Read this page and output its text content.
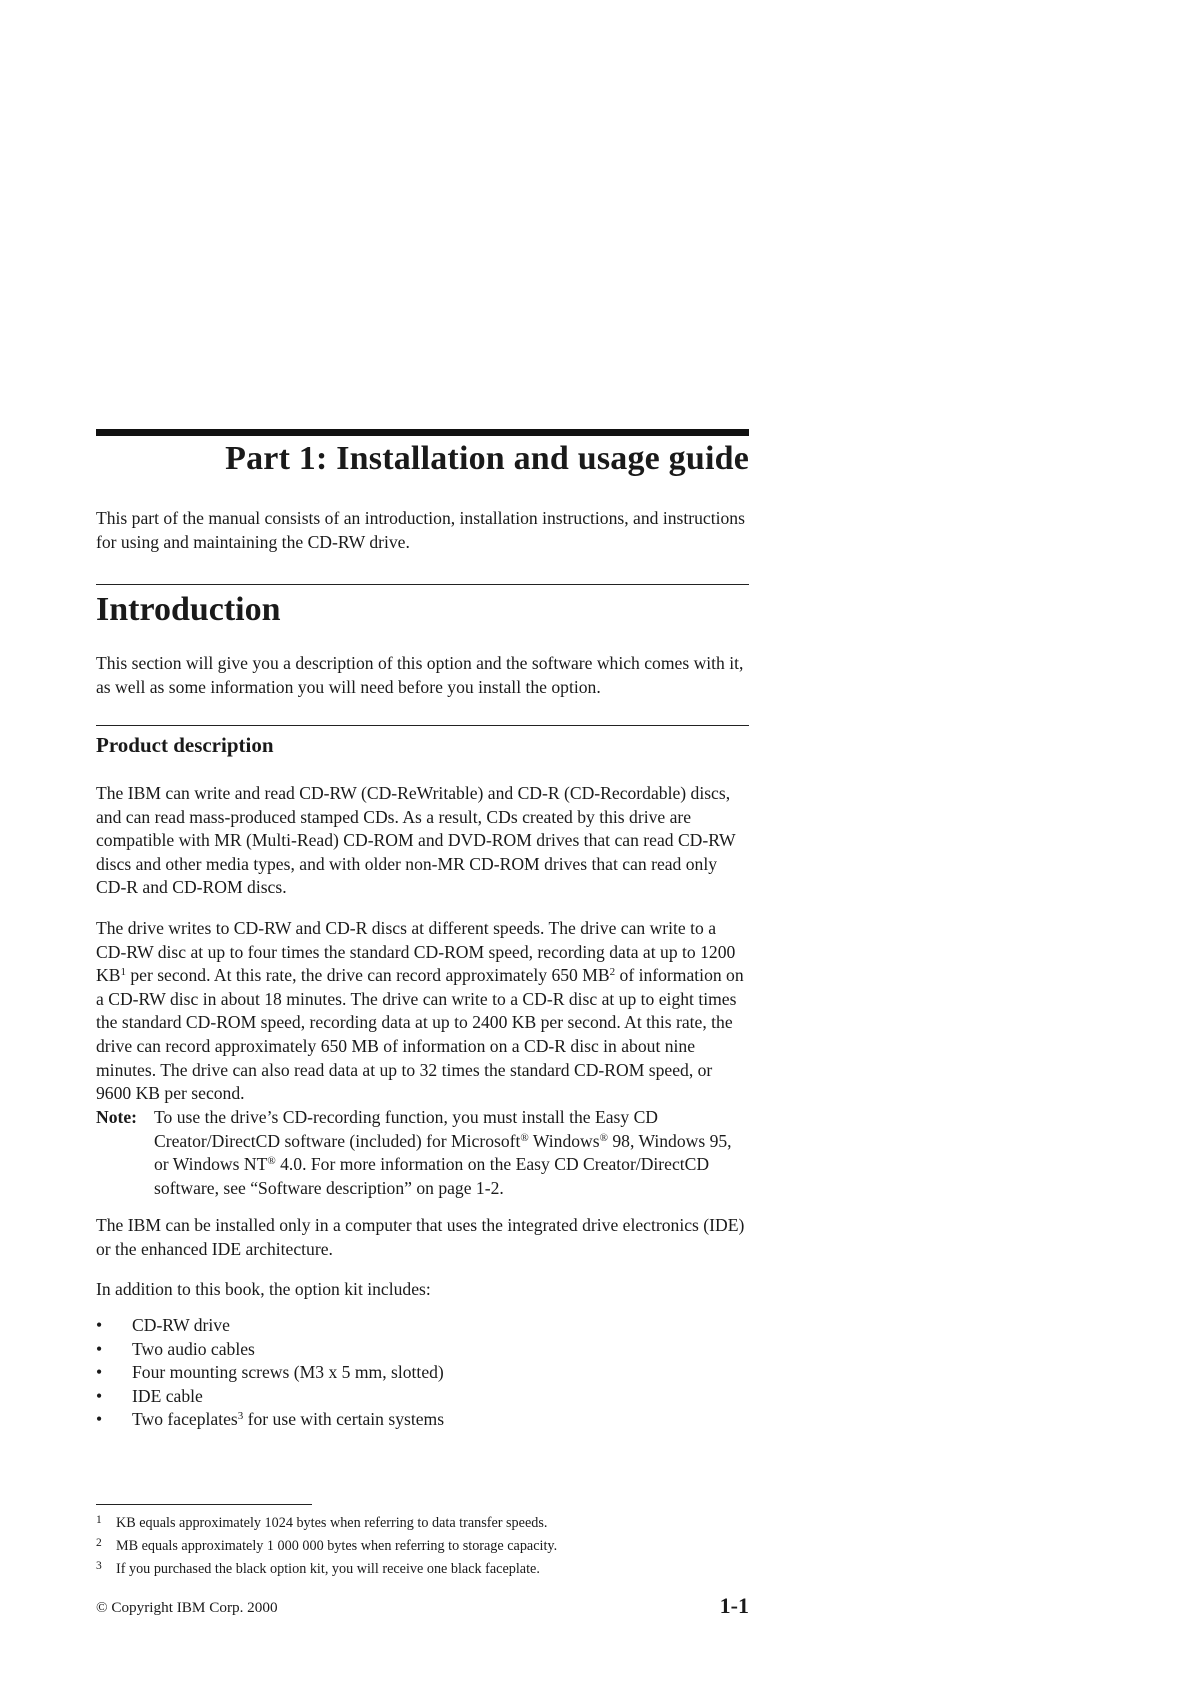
Part 1: Installation and usage guide

This part of the manual consists of an introduction, installation instructions, and instructions for using and maintaining the CD-RW drive.

Introduction

This section will give you a description of this option and the software which comes with it, as well as some information you will need before you install the option.

Product description

The IBM can write and read CD-RW (CD-ReWritable) and CD-R (CD-Recordable) discs, and can read mass-produced stamped CDs. As a result, CDs created by this drive are compatible with MR (Multi-Read) CD-ROM and DVD-ROM drives that can read CD-RW discs and other media types, and with older non-MR CD-ROM drives that can read only CD-R and CD-ROM discs.

The drive writes to CD-RW and CD-R discs at different speeds. The drive can write to a CD-RW disc at up to four times the standard CD-ROM speed, recording data at up to 1200 KB$^1$ per second. At this rate, the drive can record approximately 650 MB$^2$ of information on a CD-RW disc in about 18 minutes. The drive can write to a CD-R disc at up to eight times the standard CD-ROM speed, recording data at up to 2400 KB per second. At this rate, the drive can record approximately 650 MB of information on a CD-R disc in about nine minutes. The drive can also read data at up to 32 times the standard CD-ROM speed, or 9600 KB per second.

Note: To use the drive’s CD-recording function, you must install the Easy CD Creator/DirectCD software (included) for Microsoft® Windows® 98, Windows 95, or Windows NT® 4.0. For more information on the Easy CD Creator/DirectCD software, see “Software description” on page 1-2.

The IBM can be installed only in a computer that uses the integrated drive electronics (IDE) or the enhanced IDE architecture.

In addition to this book, the option kit includes:

• CD-RW drive
• Two audio cables
• Four mounting screws (M3 x 5 mm, slotted)
• IDE cable
• Two faceplates$^3$ for use with certain systems
1 KB equals approximately 1024 bytes when referring to data transfer speeds.
2 MB equals approximately 1 000 000 bytes when referring to storage capacity.
3 If you purchased the black option kit, you will receive one black faceplate.
© Copyright IBM Corp. 2000	1-1
